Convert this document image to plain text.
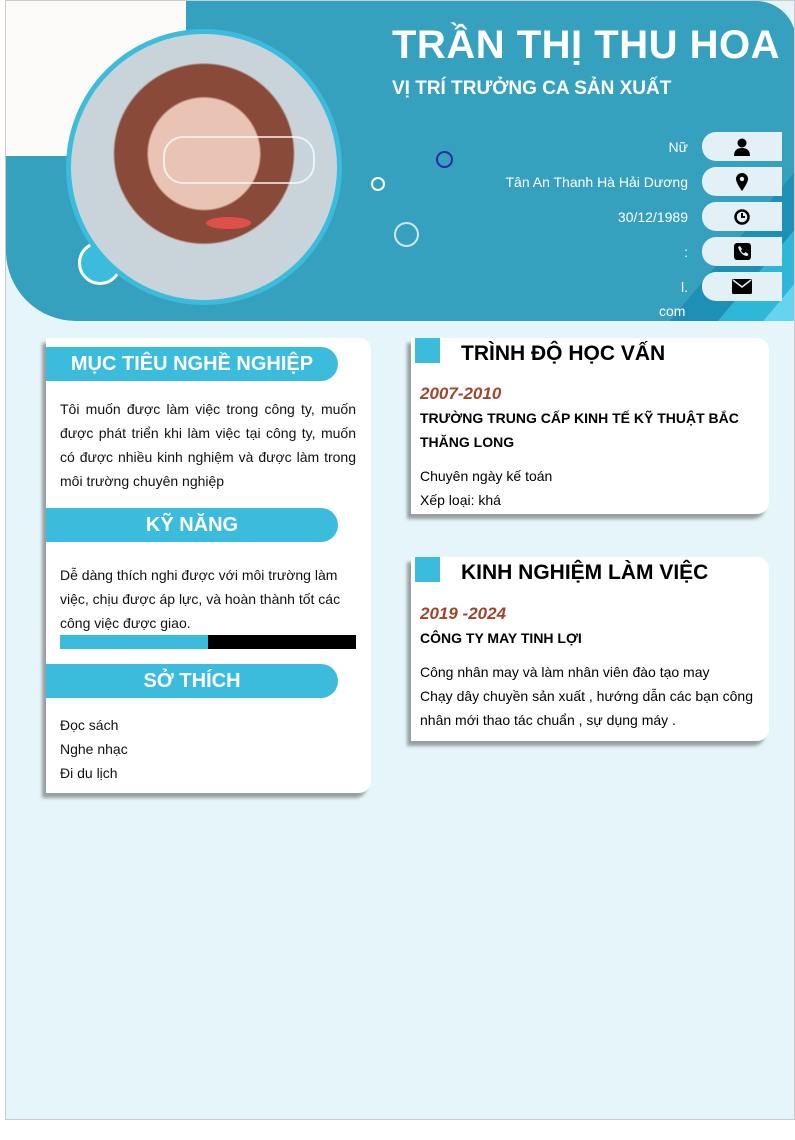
TRẦN THỊ THU HOA
VỊ TRÍ TRƯỞNG CA SẢN XUẤT
Nữ
Tân An Thanh Hà Hải Dương
30/12/1989
:
l.
com
MỤC TIÊU NGHỀ NGHIỆP
Tôi muốn được làm việc trong công ty, muốn được phát triển khi làm việc tại công ty, muốn có được nhiều kinh nghiệm và được làm trong môi trường chuyên nghiệp
KỸ NĂNG
Dễ dàng thích nghi được với môi trường làm việc, chịu được áp lực, và hoàn thành tốt các công việc được giao.
SỞ THÍCH
Đọc sách
Nghe nhạc
Đi du lịch
TRÌNH ĐỘ HỌC VẤN
2007-2010
TRƯỜNG TRUNG CẤP KINH TẾ KỸ THUẬT BẮC THĂNG LONG
Chuyên ngày kế toán
Xếp loại: khá
KINH NGHIỆM LÀM VIỆC
2019 -2024
CÔNG TY MAY TINH LỢI
Công nhân may và làm nhân viên đào tạo may
Chạy dây chuyền sản xuất , hướng dẫn các bạn công nhân mới thao tác chuẩn , sự dụng máy .
